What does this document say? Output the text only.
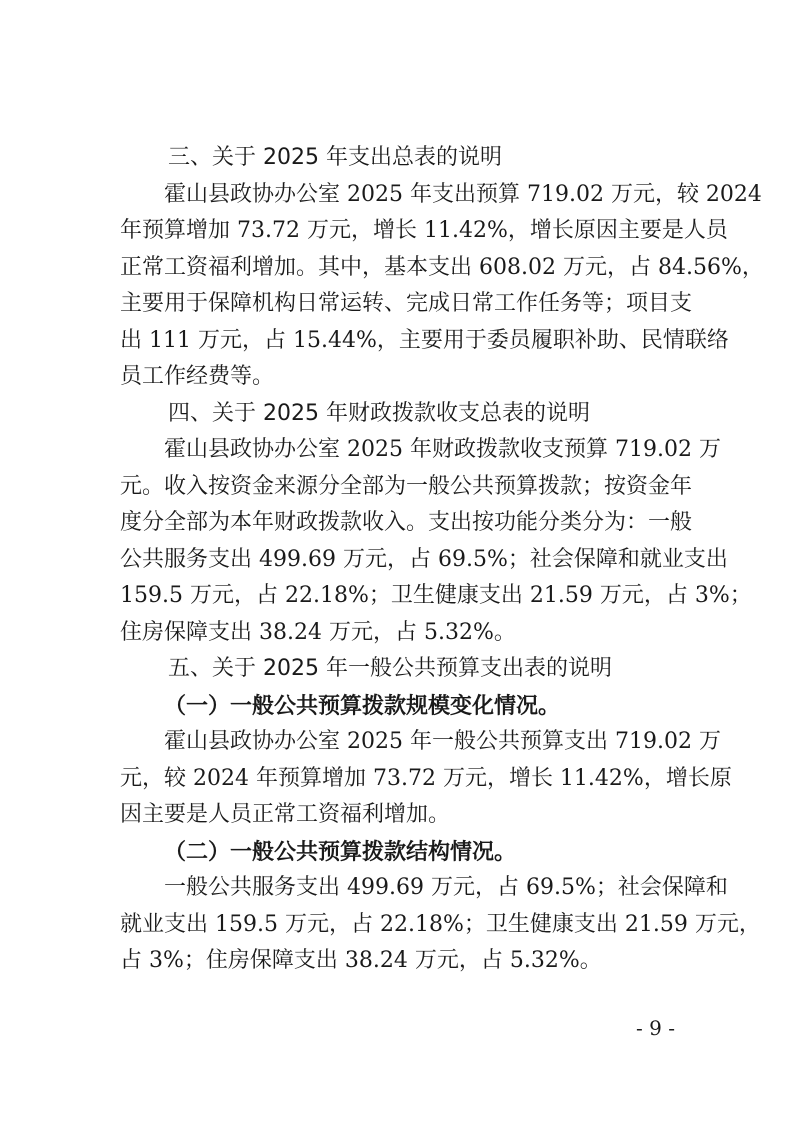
三、关于 2025 年支出总表的说明
霍山县政协办公室 2025 年支出预算 719.02 万元，较 2024
年预算增加 73.72 万元，增长 11.42%，增长原因主要是人员
正常工资福利增加。其中，基本支出 608.02 万元，占 84.56%，
主要用于保障机构日常运转、完成日常工作任务等；项目支
出 111 万元，占 15.44%，主要用于委员履职补助、民情联络
员工作经费等。
四、关于 2025 年财政拨款收支总表的说明
霍山县政协办公室 2025 年财政拨款收支预算 719.02 万
元。收入按资金来源分全部为一般公共预算拨款；按资金年
度分全部为本年财政拨款收入。支出按功能分类分为：一般
公共服务支出 499.69 万元，占 69.5%；社会保障和就业支出
159.5 万元，占 22.18%；卫生健康支出 21.59 万元，占 3%；
住房保障支出 38.24 万元，占 5.32%。
五、关于 2025 年一般公共预算支出表的说明
（一）一般公共预算拨款规模变化情况。
霍山县政协办公室 2025 年一般公共预算支出 719.02 万
元，较 2024 年预算增加 73.72 万元，增长 11.42%，增长原
因主要是人员正常工资福利增加。
（二）一般公共预算拨款结构情况。
一般公共服务支出 499.69 万元，占 69.5%；社会保障和
就业支出 159.5 万元，占 22.18%；卫生健康支出 21.59 万元，
占 3%；住房保障支出 38.24 万元，占 5.32%。
- 9 -
